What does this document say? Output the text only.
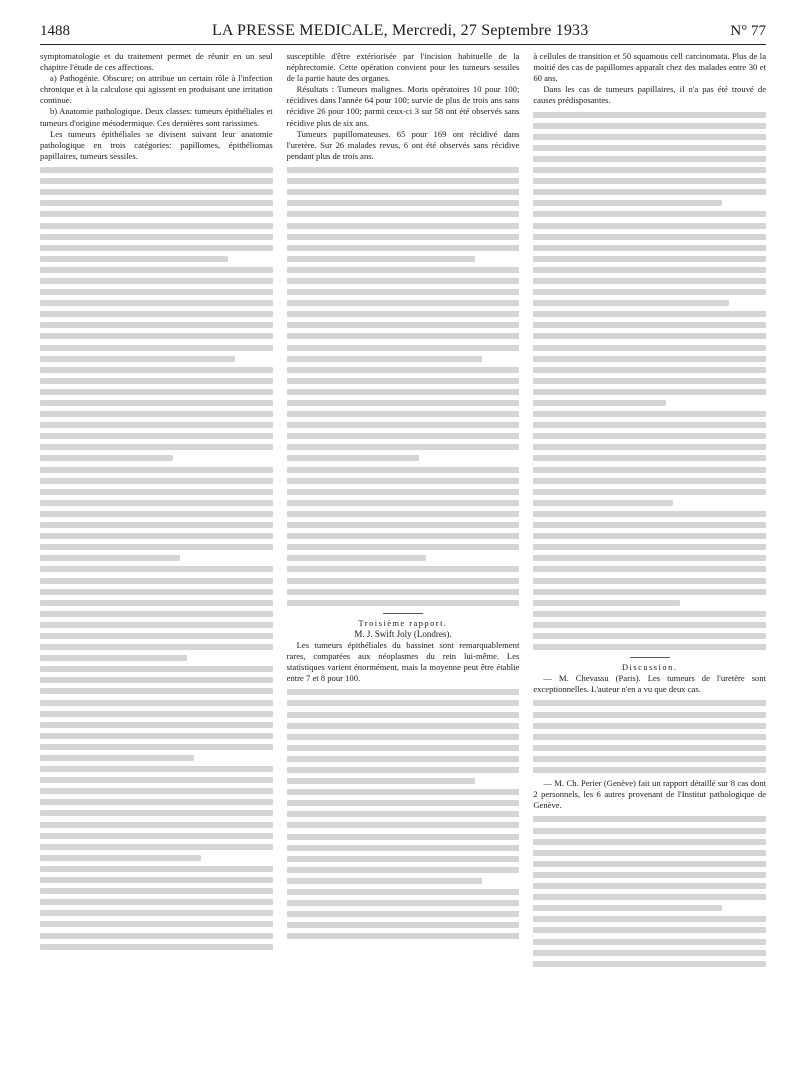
1488	LA PRESSE MEDICALE, Mercredi, 27 Septembre 1933	N° 77

symptomatologie et du traitement permet de réunir en un seul chapitre l'étude de ces affections.

a) Pathogénie. Obscure; on attribue un certain rôle à l'infection chronique et à la calculose qui agissent en produisant une irritation continue.

b) Anatomie pathologique. Deux classes: tumeurs épithéliales et tumeurs d'origine mésodermique. Ces dernières sont rarissimes.

Les tumeurs épithéliales se divisent suivant leur anatomie pathologique en trois catégories: papillomes, épithéliomas papillaires, tumeurs sessiles.

susceptible d'être extériorisée par l'incision habituelle de la néphrectomie. Cette opération convient pour les tumeurs sessiles de la partie haute des organes.

Résultats : Tumeurs malignes. Morts opératoires 10 pour 100; récidives dans l'année 64 pour 100; survie de plus de trois ans sans récidive 26 pour 100; parmi ceux-ci 3 sur 58 ont été observés sans récidive plus de six ans.

Tumeurs papillomateuses. 65 pour 169 ont récidivé dans l'uretère. Sur 26 malades revus, 6 ont été observés sans récidive pendant plus de trois ans.

Troisième rapport.

M. J. Swift Joly (Londres).

Les tumeurs épithéliales du bassinet sont remarquablement rares, comparées aux néoplasmes du rein lui-même. Les statistiques varient énormément, mais la moyenne peut être établie entre 7 et 8 pour 100.

à cellules de transition et 50 squamous cell carcinomata. Plus de la moitié des cas de papillomes apparaît chez des malades entre 30 et 60 ans.

Dans les cas de tumeurs papillaires, il n'a pas été trouvé de causes prédisposantes.

Discussion.

— M. Chevassu (Paris). Les tumeurs de l'uretère sont exceptionnelles. L'auteur n'en a vu que deux cas.

— M. Ch. Perier (Genève) fait un rapport détaillé sur 8 cas dont 2 personnels, les 6 autres provenant de l'Institut pathologique de Genève.
